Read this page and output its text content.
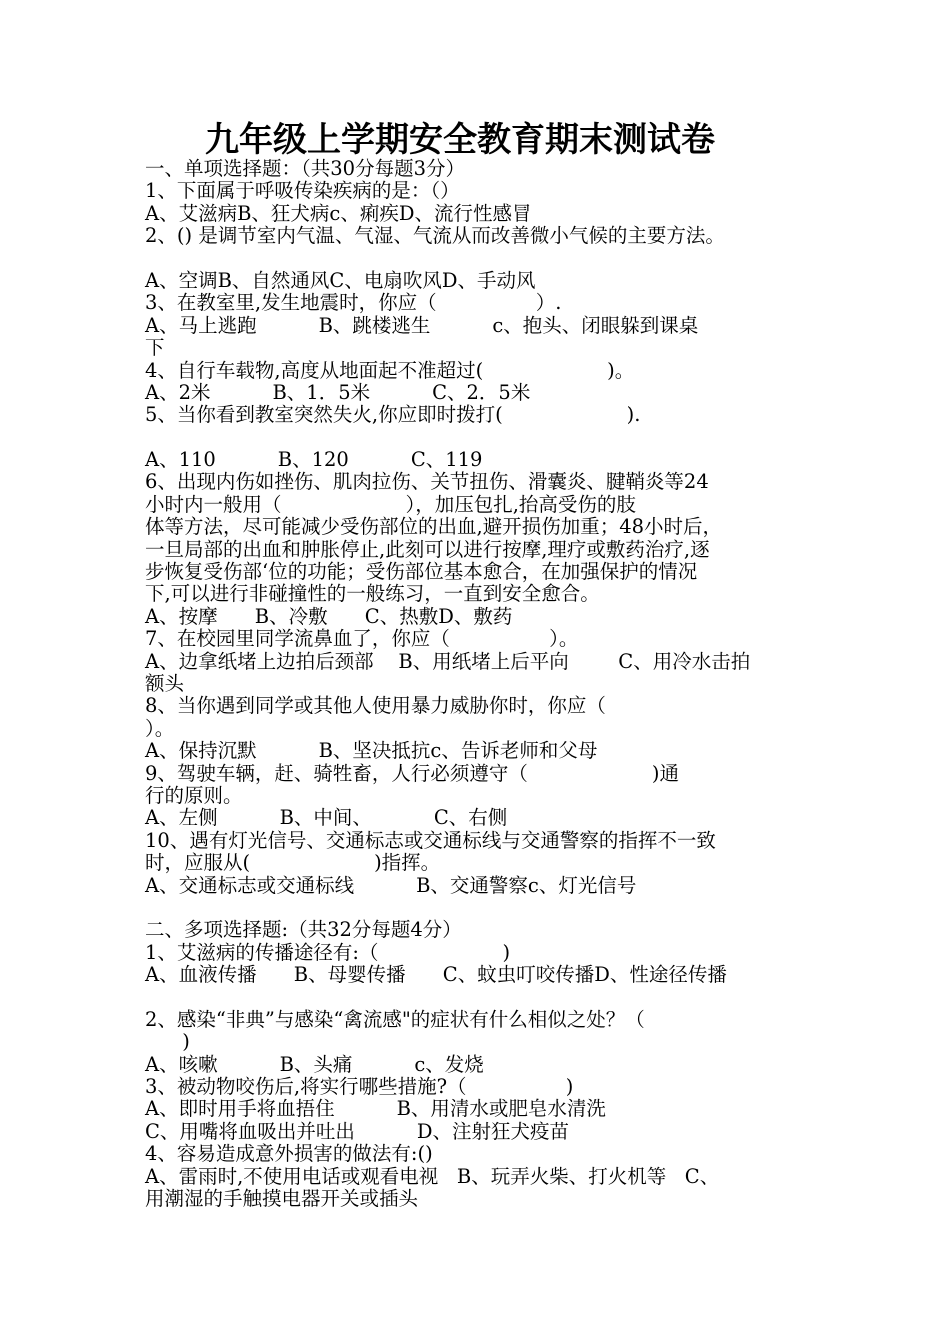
九年级上学期安全教育期末测试卷
一、单项选择题：（共30分每题3分）
1、下面属于呼吸传染疾病的是：（）
A、艾滋病B、狂犬病c、痢疾D、流行性感冒
2、() 是调节室内气温、气湿、气流从而改善微小气候的主要方法。
A、空调B、自然通风C、电扇吹风D、手动风
3、在教室里,发生地震时，你应（                ）.
A、马上逃跑          B、跳楼逃生          c、抱头、闭眼躲到课桌
下
4、自行车载物,高度从地面起不准超过(                    )。
A、2米          B、1．5米          C、2．5米
5、当你看到教室突然失火,你应即时拨打(                    ).
A、110          B、120          C、119
6、出现内伤如挫伤、肌肉拉伤、关节扭伤、滑囊炎、腱鞘炎等24
小时内一般用（                    ），加压包扎,抬高受伤的肢
体等方法，尽可能减少受伤部位的出血,避开损伤加重；48小时后，
一旦局部的出血和肿胀停止,此刻可以进行按摩,理疗或敷药治疗,逐
步恢复受伤部‘位的功能；受伤部位基本愈合，在加强保护的情况
下,可以进行非碰撞性的一般练习，一直到安全愈合。
A、按摩      B、冷敷      C、热敷D、敷药
7、在校园里同学流鼻血了，你应（                ）。
A、边拿纸堵上边拍后颈部    B、用纸堵上后平向        C、用冷水击拍
额头
8、当你遇到同学或其他人使用暴力威胁你时，你应（
）。
A、保持沉默          B、坚决抵抗c、告诉老师和父母
9、驾驶车辆，赶、骑牲畜，人行必须遵守（                    )通
行的原则。
A、左侧          B、中间、          C、右侧
10、遇有灯光信号、交通标志或交通标线与交通警察的指挥不一致
时，应服从(                    )指挥。
A、交通标志或交通标线          B、交通警察c、灯光信号
二、多项选择题:（共32分每题4分）
1、艾滋病的传播途径有:（                    )
A、血液传播      B、母婴传播      C、蚊虫叮咬传播D、性途径传播
2、感染“非典”与感染“禽流感"的症状有什么相似之处？（
)
A、咳嗽          B、头痛          c、发烧
3、被动物咬伤后,将实行哪些措施?（                )
A、即时用手将血捂住          B、用清水或肥皂水清洗
C、用嘴将血吸出并吐出          D、注射狂犬疫苗
4、容易造成意外损害的做法有:()
A、雷雨时,不使用电话或观看电视   B、玩弄火柴、打火机等   C、
用潮湿的手触摸电器开关或插头
